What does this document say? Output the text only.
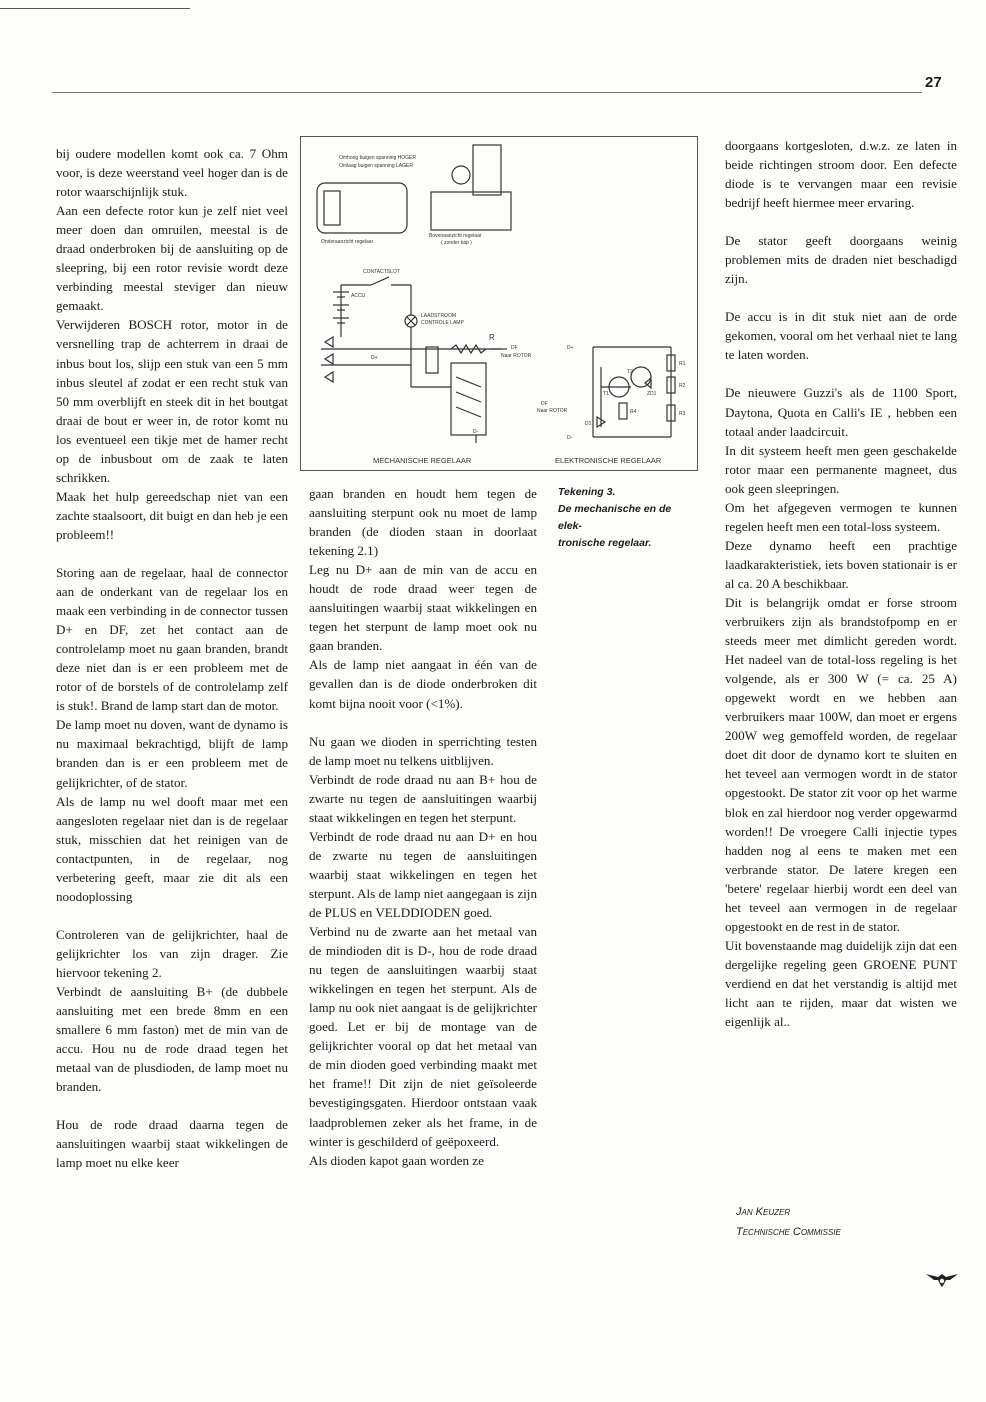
27

bij oudere modellen komt ook ca. 7 Ohm voor, is deze weerstand veel hoger dan is de rotor waarschijnlijk stuk.

Aan een defecte rotor kun je zelf niet veel meer doen dan omruilen, meestal is de draad onderbroken bij de aansluiting op de sleepring, bij een rotor revisie wordt deze verbinding meestal steviger dan nieuw gemaakt.

Verwijderen BOSCH rotor, motor in de versnelling trap de achterrem in draai de inbus bout los, slijp een stuk van een 5 mm inbus sleutel af zodat er een recht stuk van 50 mm overblijft en steek dit in het boutgat draai de bout er weer in, de rotor komt nu los eventueel een tikje met de hamer recht op de inbusbout om de zaak te laten schrikken.

Maak het hulp gereedschap niet van een zachte staalsoort, dit buigt en dan heb je een probleem!!

Storing aan de regelaar, haal de connector aan de onderkant van de regelaar los en maak een verbinding in de connector tussen D+ en DF, zet het contact aan de controlelamp moet nu gaan branden, brandt deze niet dan is er een probleem met de rotor of de borstels of de controlelamp zelf is stuk!. Brand de lamp start dan de motor.

De lamp moet nu doven, want de dynamo is nu maximaal bekrachtigd, blijft de lamp branden dan is er een probleem met de gelijkrichter, of de stator.

Als de lamp nu wel dooft maar met een aangesloten regelaar niet dan is de regelaar stuk, misschien dat het reinigen van de contactpunten, in de regelaar, nog verbetering geeft, maar zie dit als een noodoplossing

Controleren van de gelijkrichter, haal de gelijkrichter los van zijn drager. Zie hiervoor tekening 2.

Verbindt de aansluiting B+ (de dubbele aansluiting met een brede 8mm en een smallere 6 mm faston) met de min van de accu. Hou nu de rode draad tegen het metaal van de plusdioden, de lamp moet nu branden.

Hou de rode draad daarna tegen de aansluitingen waarbij staat wikkelingen de lamp moet nu elke keer

Omhoog buigen spanning HOGER
Omlaag buigen spanning LAGER
Onderaanzicht regelaar
Bovenaanzicht regelaar
( zonder kap )
CONTACTSLOT
ACCU
LAADSTROOM
CONTROLE LAMP
DF
Naar ROTOR
D+
D-
R
D+
DF
Naar ROTOR
D-
R1
R2
R3
R4
T1
T2
D1
ZD1
MECHANISCHE REGELAAR	ELEKTRONISCHE REGELAAR
Tekening 3.
De mechanische en de elek-
tronische regelaar.

gaan branden en houdt hem tegen de aansluiting sterpunt ook nu moet de lamp branden (de dioden staan in doorlaat tekening 2.1)

Leg nu D+ aan de min van de accu en houdt de rode draad weer tegen de aansluitingen waarbij staat wikkelingen en tegen het sterpunt de lamp moet ook nu gaan branden.

Als de lamp niet aangaat in één van de gevallen dan is de diode onderbroken dit komt bijna nooit voor (<1%).

Nu gaan we dioden in sperrichting testen de lamp moet nu telkens uitblijven.

Verbindt de rode draad nu aan B+ hou de zwarte nu tegen de aansluitingen waarbij staat wikkelingen en tegen het sterpunt.

Verbindt de rode draad nu aan D+ en hou de zwarte nu tegen de aansluitingen waarbij staat wikkelingen en tegen het sterpunt. Als de lamp niet aangegaan is zijn de PLUS en VELDDIODEN goed.

Verbind nu de zwarte aan het metaal van de mindioden dit is D-, hou de rode draad nu tegen de aansluitingen waarbij staat wikkelingen en tegen het sterpunt. Als de lamp nu ook niet aangaat is de gelijkrichter goed. Let er bij de montage van de gelijkrichter vooral op dat het metaal van de min dioden goed verbinding maakt met het frame!! Dit zijn de niet geïsoleerde bevestigingsgaten. Hierdoor ontstaan vaak laadproblemen zeker als het frame, in de winter is geschilderd of geëpoxeerd.

Als dioden kapot gaan worden ze

doorgaans kortgesloten, d.w.z. ze laten in beide richtingen stroom door. Een defecte diode is te vervangen maar een revisie bedrijf heeft hiermee meer ervaring.

De stator geeft doorgaans weinig problemen mits de draden niet beschadigd zijn.

De accu is in dit stuk niet aan de orde gekomen, vooral om het verhaal niet te lang te laten worden.

De nieuwere Guzzi's als de 1100 Sport, Daytona, Quota en Calli's IE , hebben een totaal ander laadcircuit.

In dit systeem heeft men geen geschakelde rotor maar een permanente magneet, dus ook geen sleepringen.

Om het afgegeven vermogen te kunnen regelen heeft men een total-loss systeem.

Deze dynamo heeft een prachtige laadkarakteristiek, iets boven stationair is er al ca. 20 A beschikbaar.

Dit is belangrijk omdat er forse stroom verbruikers zijn als brandstofpomp en er steeds meer met dimlicht gereden wordt. Het nadeel van de total-loss regeling is het volgende, als er 300 W (= ca. 25 A) opgewekt wordt en we hebben aan verbruikers maar 100W, dan moet er ergens 200W weg gemoffeld worden, de regelaar doet dit door de dynamo kort te sluiten en het teveel aan vermogen wordt in de stator opgestookt. De stator zit voor op het warme blok en zal hierdoor nog verder opgewarmd worden!! De vroegere Calli injectie types hadden nog al eens te maken met een verbrande stator. De latere kregen een 'betere' regelaar hierbij wordt een deel van het teveel aan vermogen in de regelaar opgestookt en de rest in de stator.

Uit bovenstaande mag duidelijk zijn dat een dergelijke regeling geen GROENE PUNT verdiend en dat het verstandig is altijd met licht aan te rijden, maar dat wisten we eigenlijk al..

Jan Keuzer
Technische Commissie
